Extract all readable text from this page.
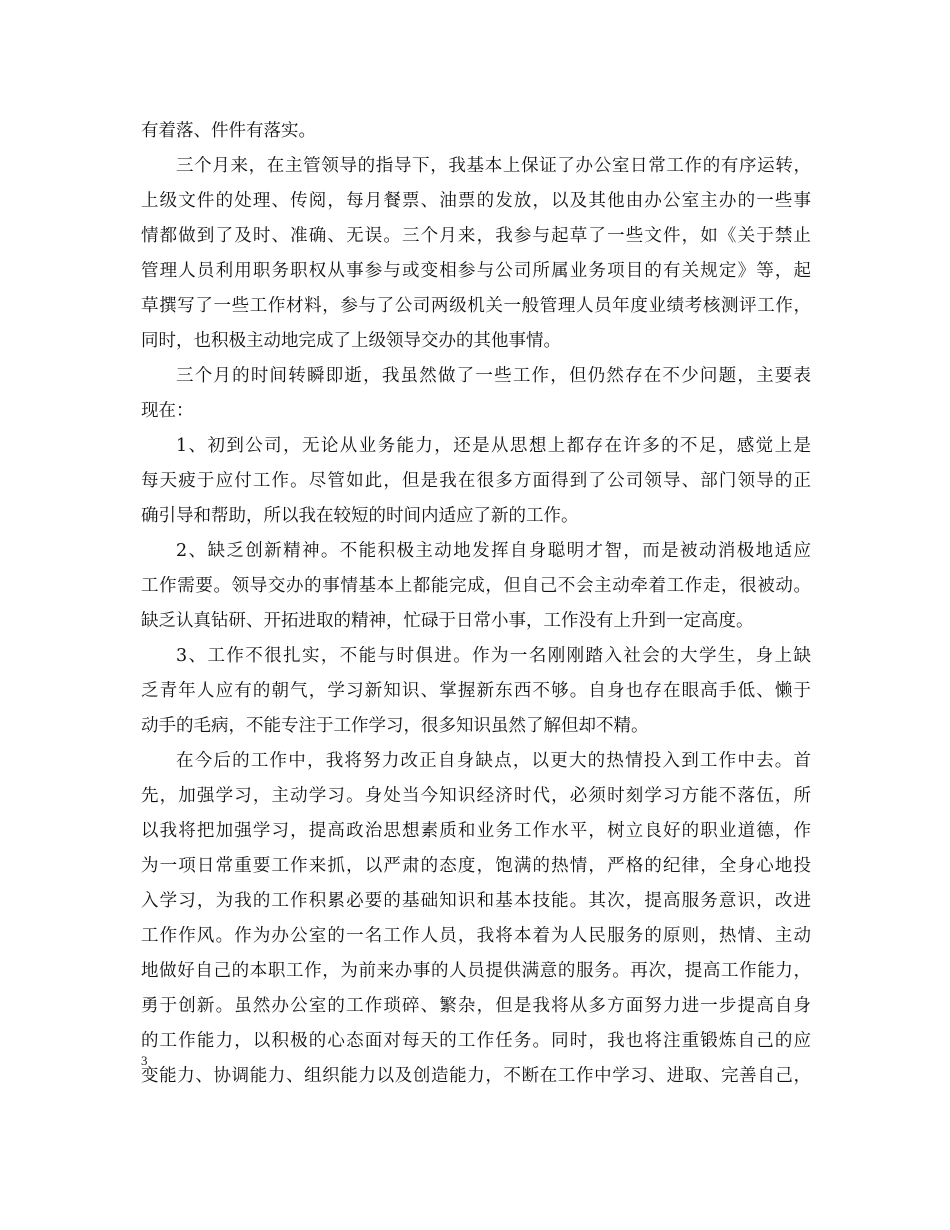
有着落、件件有落实。
三个月来，在主管领导的指导下，我基本上保证了办公室日常工作的有序运转，
上级文件的处理、传阅，每月餐票、油票的发放，以及其他由办公室主办的一些事
情都做到了及时、准确、无误。三个月来，我参与起草了一些文件，如《关于禁止
管理人员利用职务职权从事参与或变相参与公司所属业务项目的有关规定》等，起
草撰写了一些工作材料，参与了公司两级机关一般管理人员年度业绩考核测评工作，
同时，也积极主动地完成了上级领导交办的其他事情。
三个月的时间转瞬即逝，我虽然做了一些工作，但仍然存在不少问题，主要表
现在：
1、初到公司，无论从业务能力，还是从思想上都存在许多的不足，感觉上是
每天疲于应付工作。尽管如此，但是我在很多方面得到了公司领导、部门领导的正
确引导和帮助，所以我在较短的时间内适应了新的工作。
2、缺乏创新精神。不能积极主动地发挥自身聪明才智，而是被动消极地适应
工作需要。领导交办的事情基本上都能完成，但自己不会主动牵着工作走，很被动。
缺乏认真钻研、开拓进取的精神，忙碌于日常小事，工作没有上升到一定高度。
3、工作不很扎实，不能与时俱进。作为一名刚刚踏入社会的大学生，身上缺
乏青年人应有的朝气，学习新知识、掌握新东西不够。自身也存在眼高手低、懒于
动手的毛病，不能专注于工作学习，很多知识虽然了解但却不精。
在今后的工作中，我将努力改正自身缺点，以更大的热情投入到工作中去。首
先，加强学习，主动学习。身处当今知识经济时代，必须时刻学习方能不落伍，所
以我将把加强学习，提高政治思想素质和业务工作水平，树立良好的职业道德，作
为一项日常重要工作来抓，以严肃的态度，饱满的热情，严格的纪律，全身心地投
入学习，为我的工作积累必要的基础知识和基本技能。其次，提高服务意识，改进
工作作风。作为办公室的一名工作人员，我将本着为人民服务的原则，热情、主动
地做好自己的本职工作，为前来办事的人员提供满意的服务。再次，提高工作能力，
勇于创新。虽然办公室的工作琐碎、繁杂，但是我将从多方面努力进一步提高自身
的工作能力，以积极的心态面对每天的工作任务。同时，我也将注重锻炼自己的应
变能力、协调能力、组织能力以及创造能力，不断在工作中学习、进取、完善自己，
3
